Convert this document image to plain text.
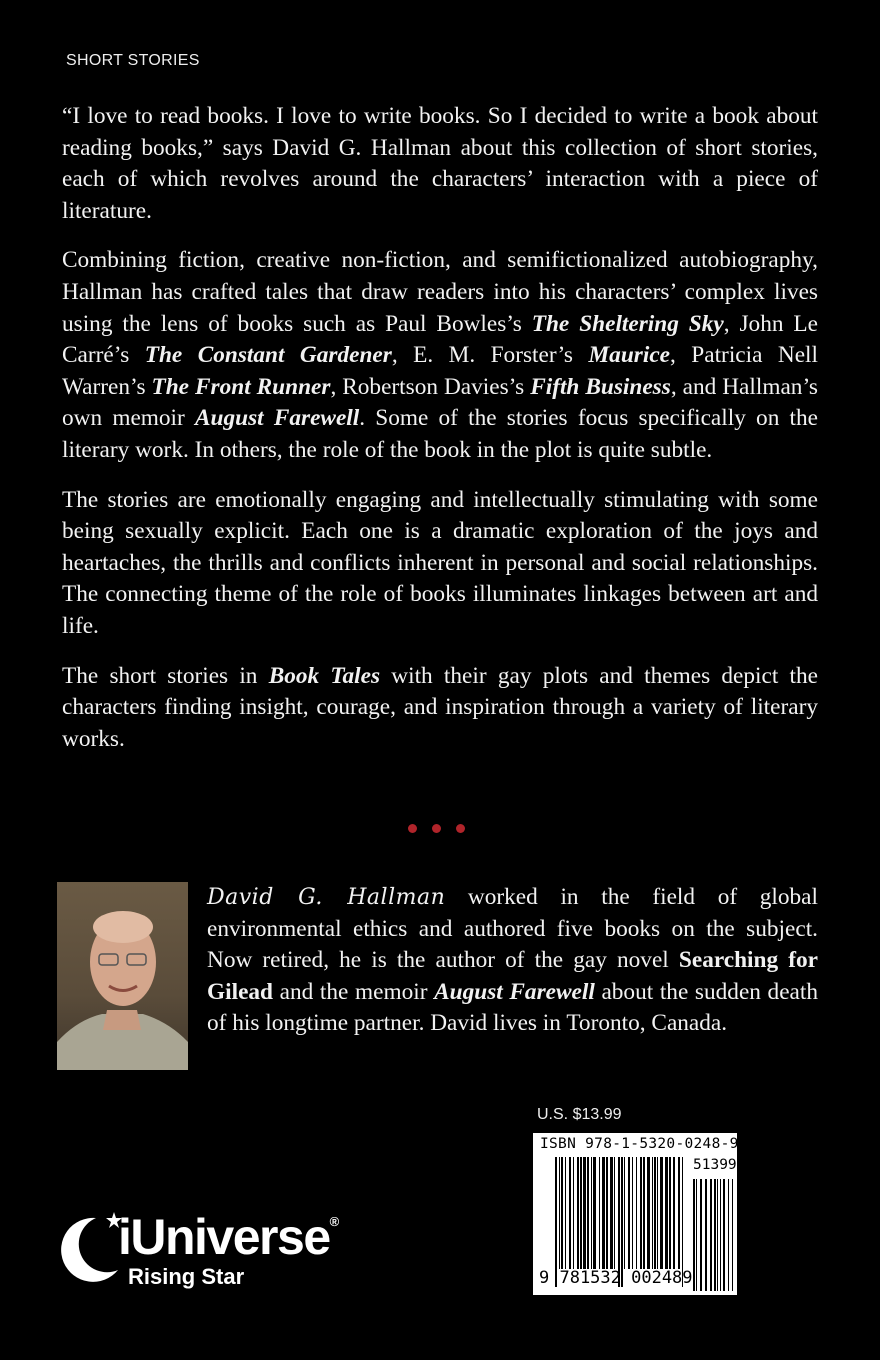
SHORT STORIES

“I love to read books. I love to write books. So I decided to write a book about reading books,” says David G. Hallman about this collection of short stories, each of which revolves around the characters’ interaction with a piece of literature.

Combining fiction, creative non-fiction, and semifictionalized autobiography, Hallman has crafted tales that draw readers into his characters’ complex lives using the lens of books such as Paul Bowles’s The Sheltering Sky, John Le Carré’s The Constant Gardener, E. M. Forster’s Maurice, Patricia Nell Warren’s The Front Runner, Robertson Davies’s Fifth Business, and Hallman’s own memoir August Farewell. Some of the stories focus specifically on the literary work. In others, the role of the book in the plot is quite subtle.

The stories are emotionally engaging and intellectually stimulating with some being sexually explicit. Each one is a dramatic exploration of the joys and heartaches, the thrills and conflicts inherent in personal and social relationships. The connecting theme of the role of books illuminates linkages between art and life.

The short stories in Book Tales with their gay plots and themes depict the characters finding insight, courage, and inspiration through a variety of literary works.

David G. Hallman worked in the field of global environmental ethics and authored five books on the subject. Now retired, he is the author of the gay novel Searching for Gilead and the memoir August Farewell about the sudden death of his longtime partner. David lives in Toronto, Canada.
U.S. $13.99
ISBN 978-1-5320-0248-9
51399
9 781532 002489
iUniverse®
Rising Star
